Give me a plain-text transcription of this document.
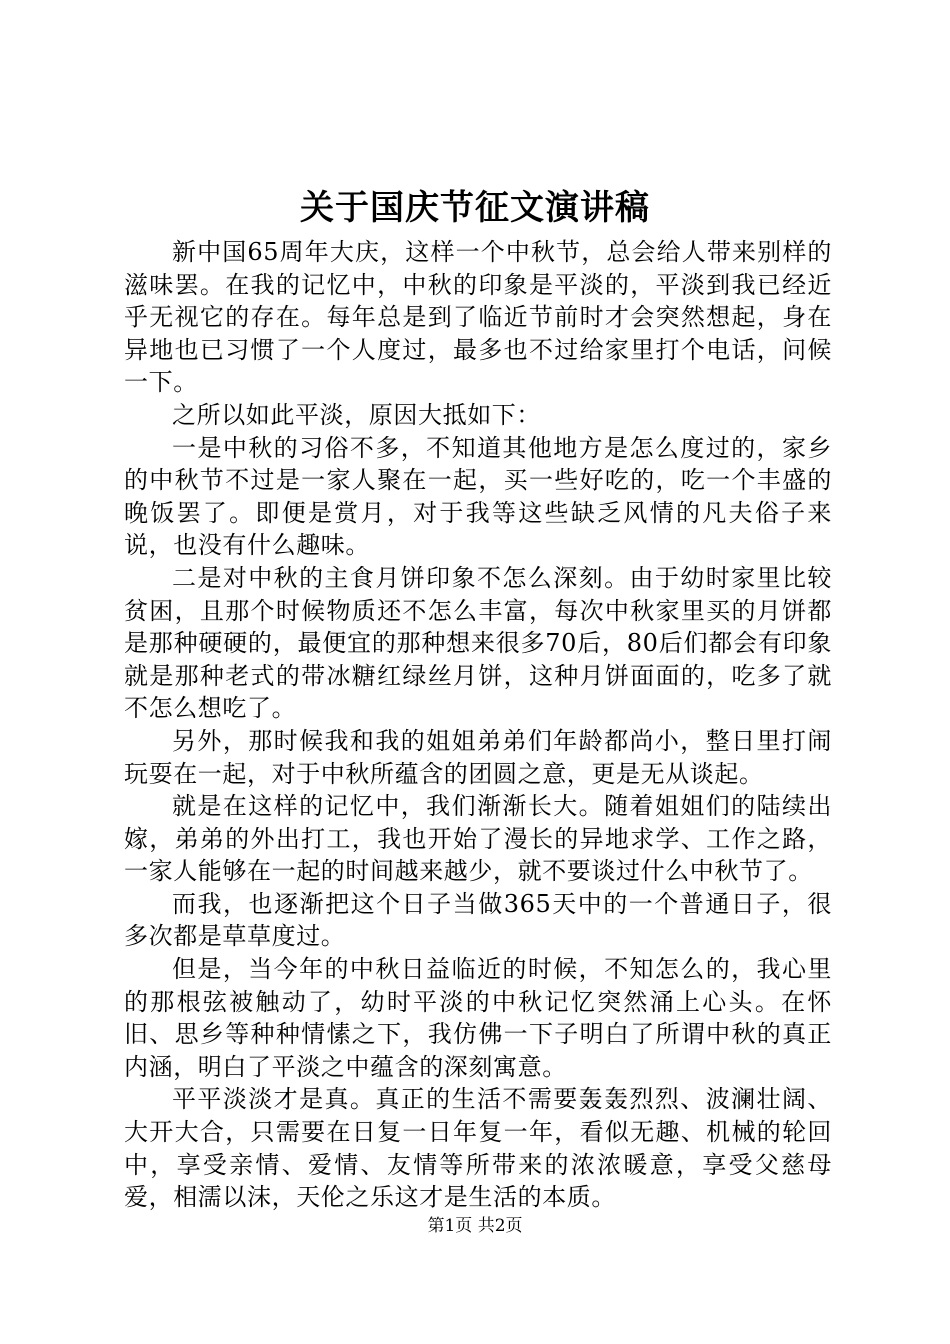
关于国庆节征文演讲稿

新中国65周年大庆，这样一个中秋节，总会给人带来别样的滋味罢。在我的记忆中，中秋的印象是平淡的，平淡到我已经近乎无视它的存在。每年总是到了临近节前时才会突然想起，身在异地也已习惯了一个人度过，最多也不过给家里打个电话，问候一下。

之所以如此平淡，原因大抵如下：

一是中秋的习俗不多，不知道其他地方是怎么度过的，家乡的中秋节不过是一家人聚在一起，买一些好吃的，吃一个丰盛的晚饭罢了。即便是赏月，对于我等这些缺乏风情的凡夫俗子来说，也没有什么趣味。

二是对中秋的主食月饼印象不怎么深刻。由于幼时家里比较贫困，且那个时候物质还不怎么丰富，每次中秋家里买的月饼都是那种硬硬的，最便宜的那种想来很多70后，80后们都会有印象就是那种老式的带冰糖红绿丝月饼，这种月饼面面的，吃多了就不怎么想吃了。

另外，那时候我和我的姐姐弟弟们年龄都尚小，整日里打闹玩耍在一起，对于中秋所蕴含的团圆之意，更是无从谈起。

就是在这样的记忆中，我们渐渐长大。随着姐姐们的陆续出嫁，弟弟的外出打工，我也开始了漫长的异地求学、工作之路，一家人能够在一起的时间越来越少，就不要谈过什么中秋节了。

而我，也逐渐把这个日子当做365天中的一个普通日子，很多次都是草草度过。

但是，当今年的中秋日益临近的时候，不知怎么的，我心里的那根弦被触动了，幼时平淡的中秋记忆突然涌上心头。在怀旧、思乡等种种情愫之下，我仿佛一下子明白了所谓中秋的真正内涵，明白了平淡之中蕴含的深刻寓意。

平平淡淡才是真。真正的生活不需要轰轰烈烈、波澜壮阔、大开大合，只需要在日复一日年复一年，看似无趣、机械的轮回中，享受亲情、爱情、友情等所带来的浓浓暖意，享受父慈母爱，相濡以沫，天伦之乐这才是生活的本质。

第1页 共2页
